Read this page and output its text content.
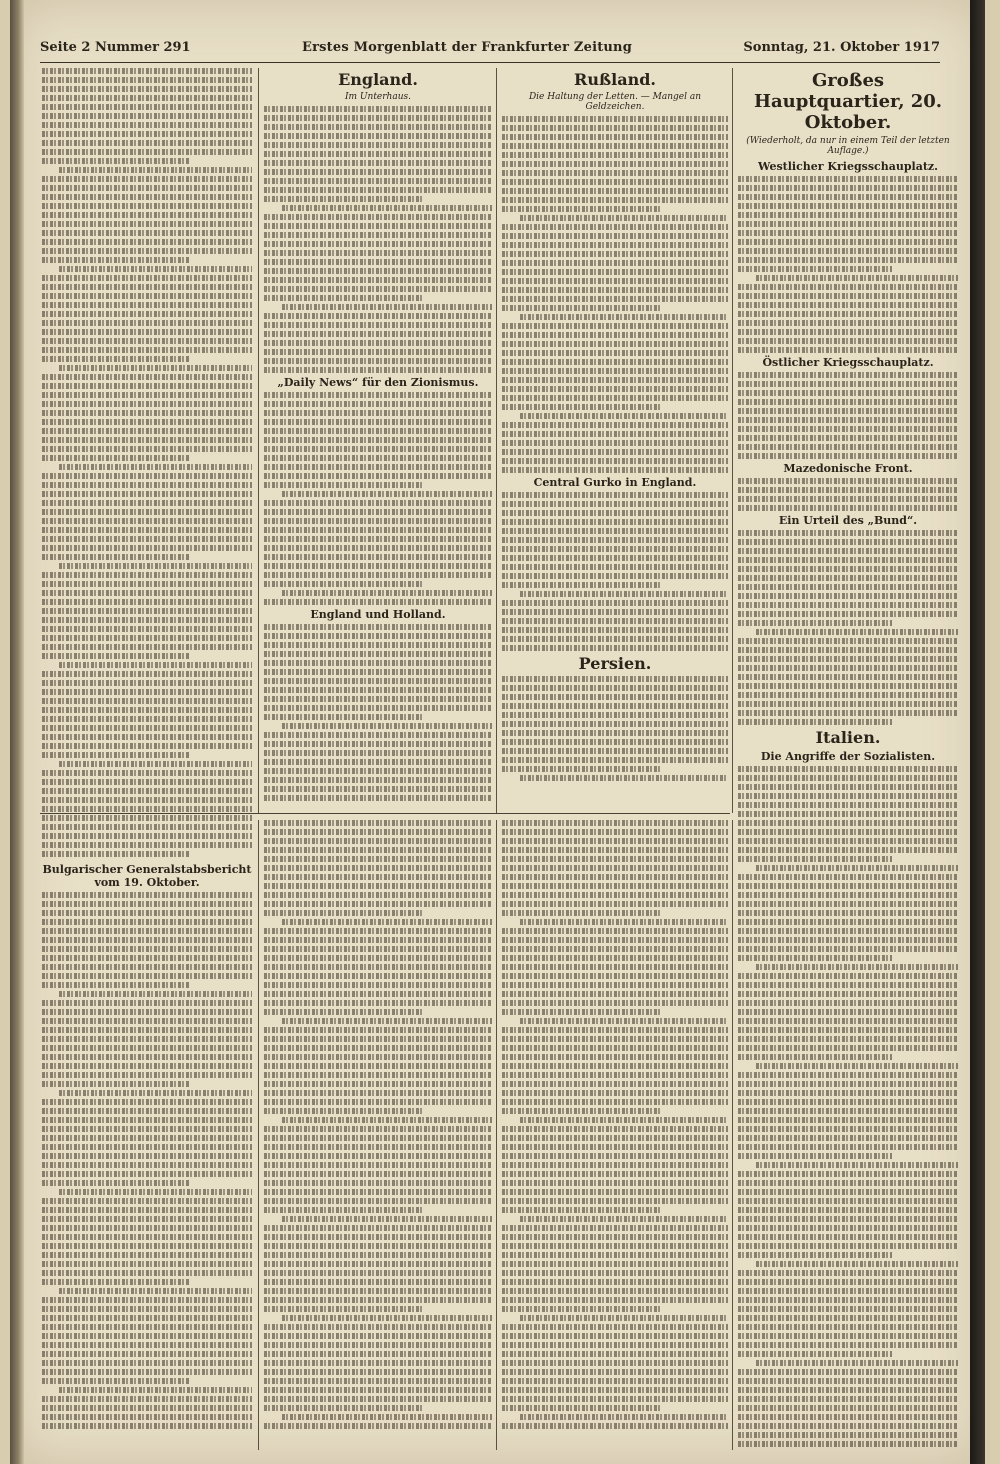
Seite 2 Nummer 291	Erstes Morgenblatt der Frankfurter Zeitung	Sonntag, 21. Oktober 1917
Bulgarischer Generalstabsbericht vom 19. Oktober.
England.
Im Unterhaus.
„Daily News“ für den Zionismus.
England und Holland.
Rußland.
Die Haltung der Letten. — Mangel an Geldzeichen.
Central Gurko in England.
Persien.
Großes Hauptquartier, 20. Oktober.
(Wiederholt, da nur in einem Teil der letzten Auflage.)
Westlicher Kriegsschauplatz.
Östlicher Kriegsschauplatz.
Mazedonische Front.
Ein Urteil des „Bund“.
Italien.
Die Angriffe der Sozialisten.
